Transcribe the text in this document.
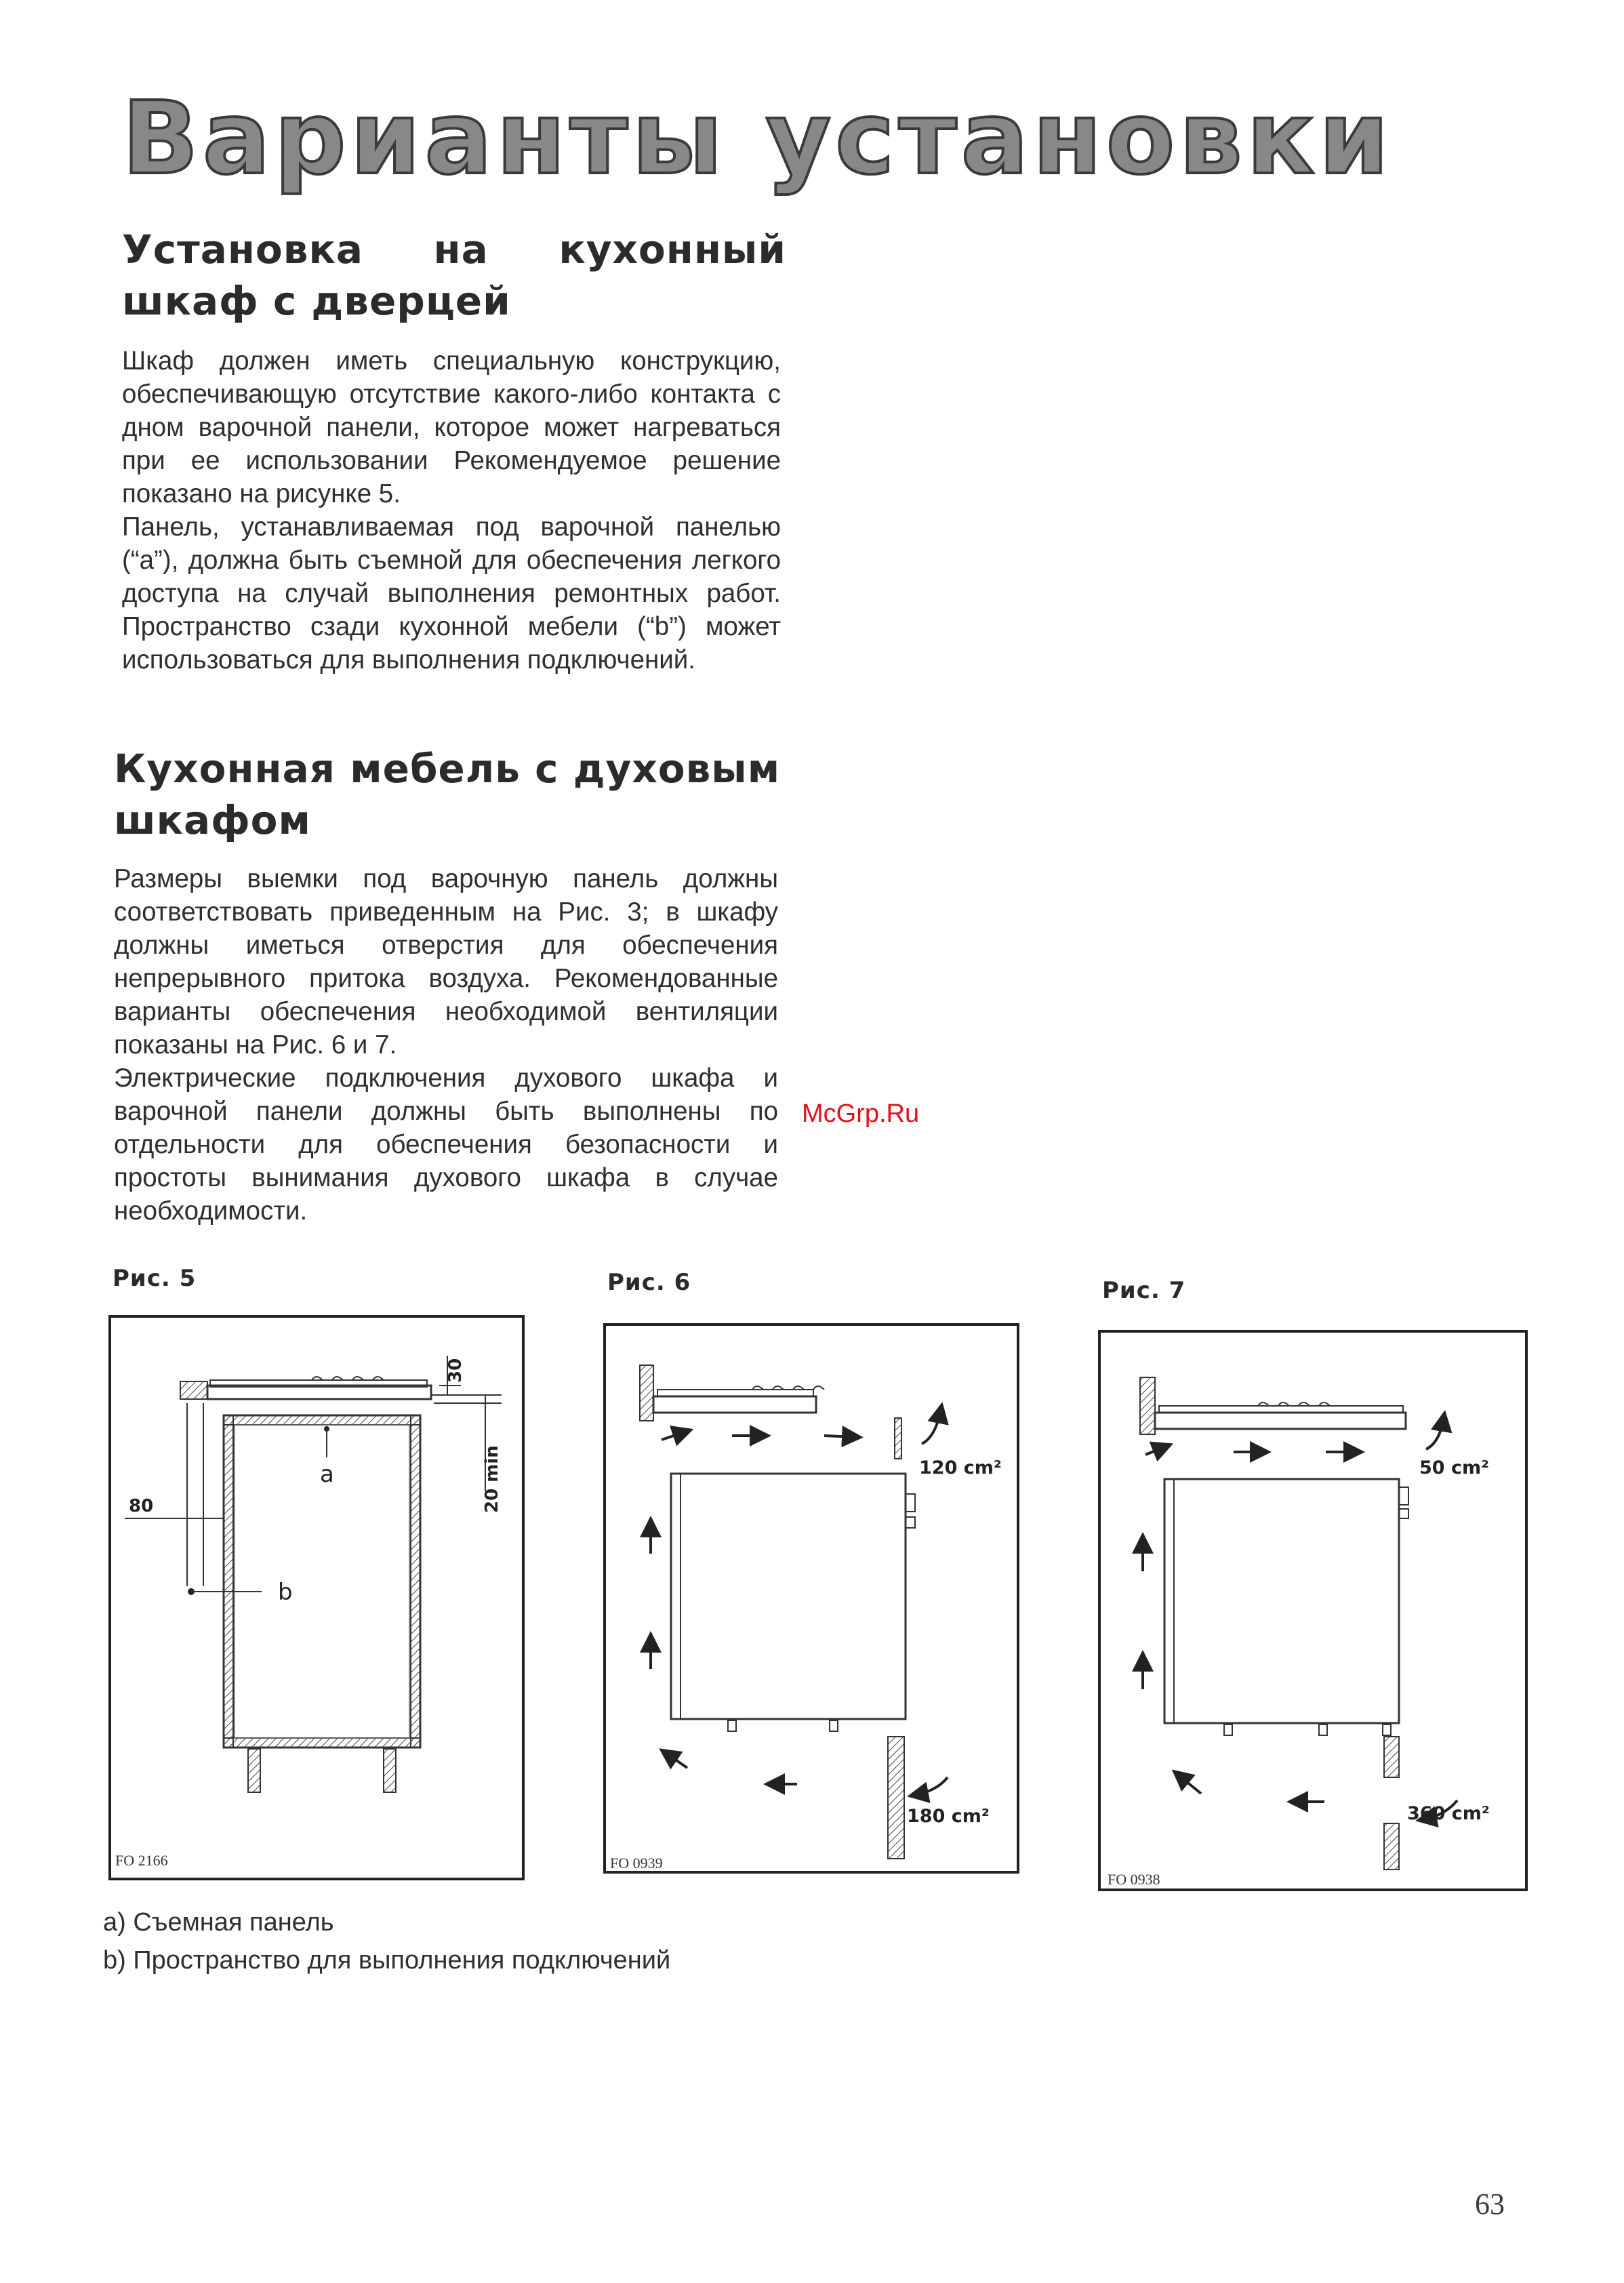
Варианты установки
Установка на кухонный
шкаф с дверцей

Шкаф должен иметь специальную конструкцию, обеспечивающую отсутствие какого-либо контакта с дном варочной панели, которое может нагреваться при ее использовании Рекомендуемое решение показано на рисунке 5.

Панель, устанавливаемая под варочной панелью (“а”), должна быть съемной для обеспечения легкого доступа на случай выполнения ремонтных работ. Пространство сзади кухонной мебели (“b”) может использоваться для выполнения подключений.

Кухонная мебель с духовым
шкафом

Размеры выемки под варочную панель должны соответствовать приведенным на Рис. 3; в шкафу должны иметься отверстия для обеспечения непрерывного притока воздуха. Рекомендованные варианты обеспечения необходимой вентиляции показаны на Рис. 6 и 7.

Электрические подключения духового шкафа и варочной панели должны быть выполнены по отдельности для обеспечения безопасности и простоты вынимания духового шкафа в случае необходимости.

McGrp.Ru
Рис. 5	Рис. 6	Рис. 7
30
20 min
a
80
b
FO 2166
120 cm²
180 cm²
FO 0939
50 cm²
360 cm²
FO 0938
a) Съемная панель
b) Пространство для выполнения подключений
63
